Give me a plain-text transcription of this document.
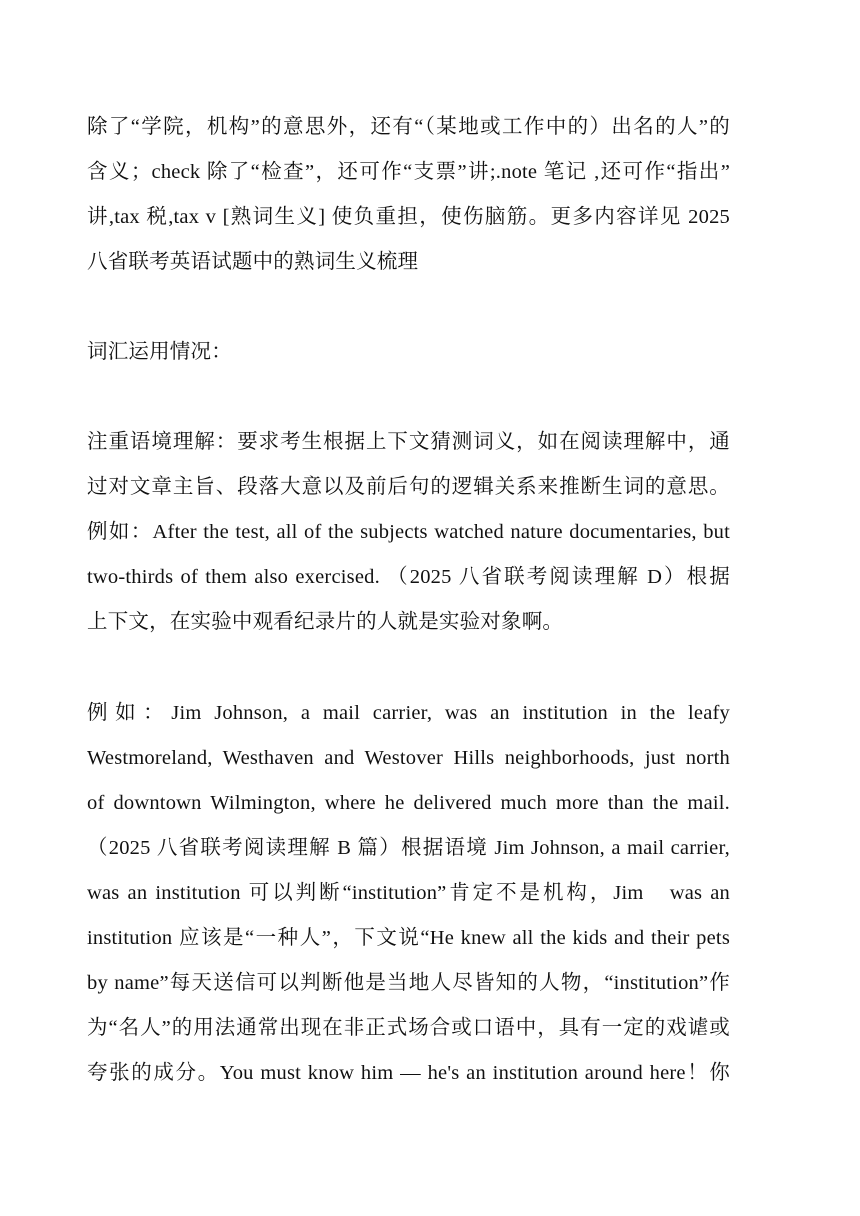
除了“学院，机构”的意思外，还有“（某地或工作中的）出名的人”的
含义；check 除了“检查”，还可作“支票”讲;.note 笔记 ,还可作“指出”
讲,tax 税,tax v [熟词生义] 使负重担，使伤脑筋。更多内容详见 2025
八省联考英语试题中的熟词生义梳理
词汇运用情况：
注重语境理解：要求考生根据上下文猜测词义，如在阅读理解中，通
过对文章主旨、段落大意以及前后句的逻辑关系来推断生词的意思。
例如：After the test, all of the subjects watched nature documentaries, but
two-thirds of them also exercised. （2025 八省联考阅读理解 D）根据
上下文，在实验中观看纪录片的人就是实验对象啊。
例如：Jim Johnson, a mail carrier, was an institution in the leafy
Westmoreland, Westhaven and Westover Hills neighborhoods, just north
of downtown Wilmington, where he delivered much more than the mail.
（2025 八省联考阅读理解 B 篇）根据语境 Jim Johnson, a mail carrier,
was an institution 可以判断“institution”肯定不是机构，Jim　was an
institution 应该是“一种人”，下文说“He knew all the kids and their pets
by name”每天送信可以判断他是当地人尽皆知的人物，“institution”作
为“名人”的用法通常出现在非正式场合或口语中，具有一定的戏谑或
夸张的成分。You must know him — he's an institution around here！你
